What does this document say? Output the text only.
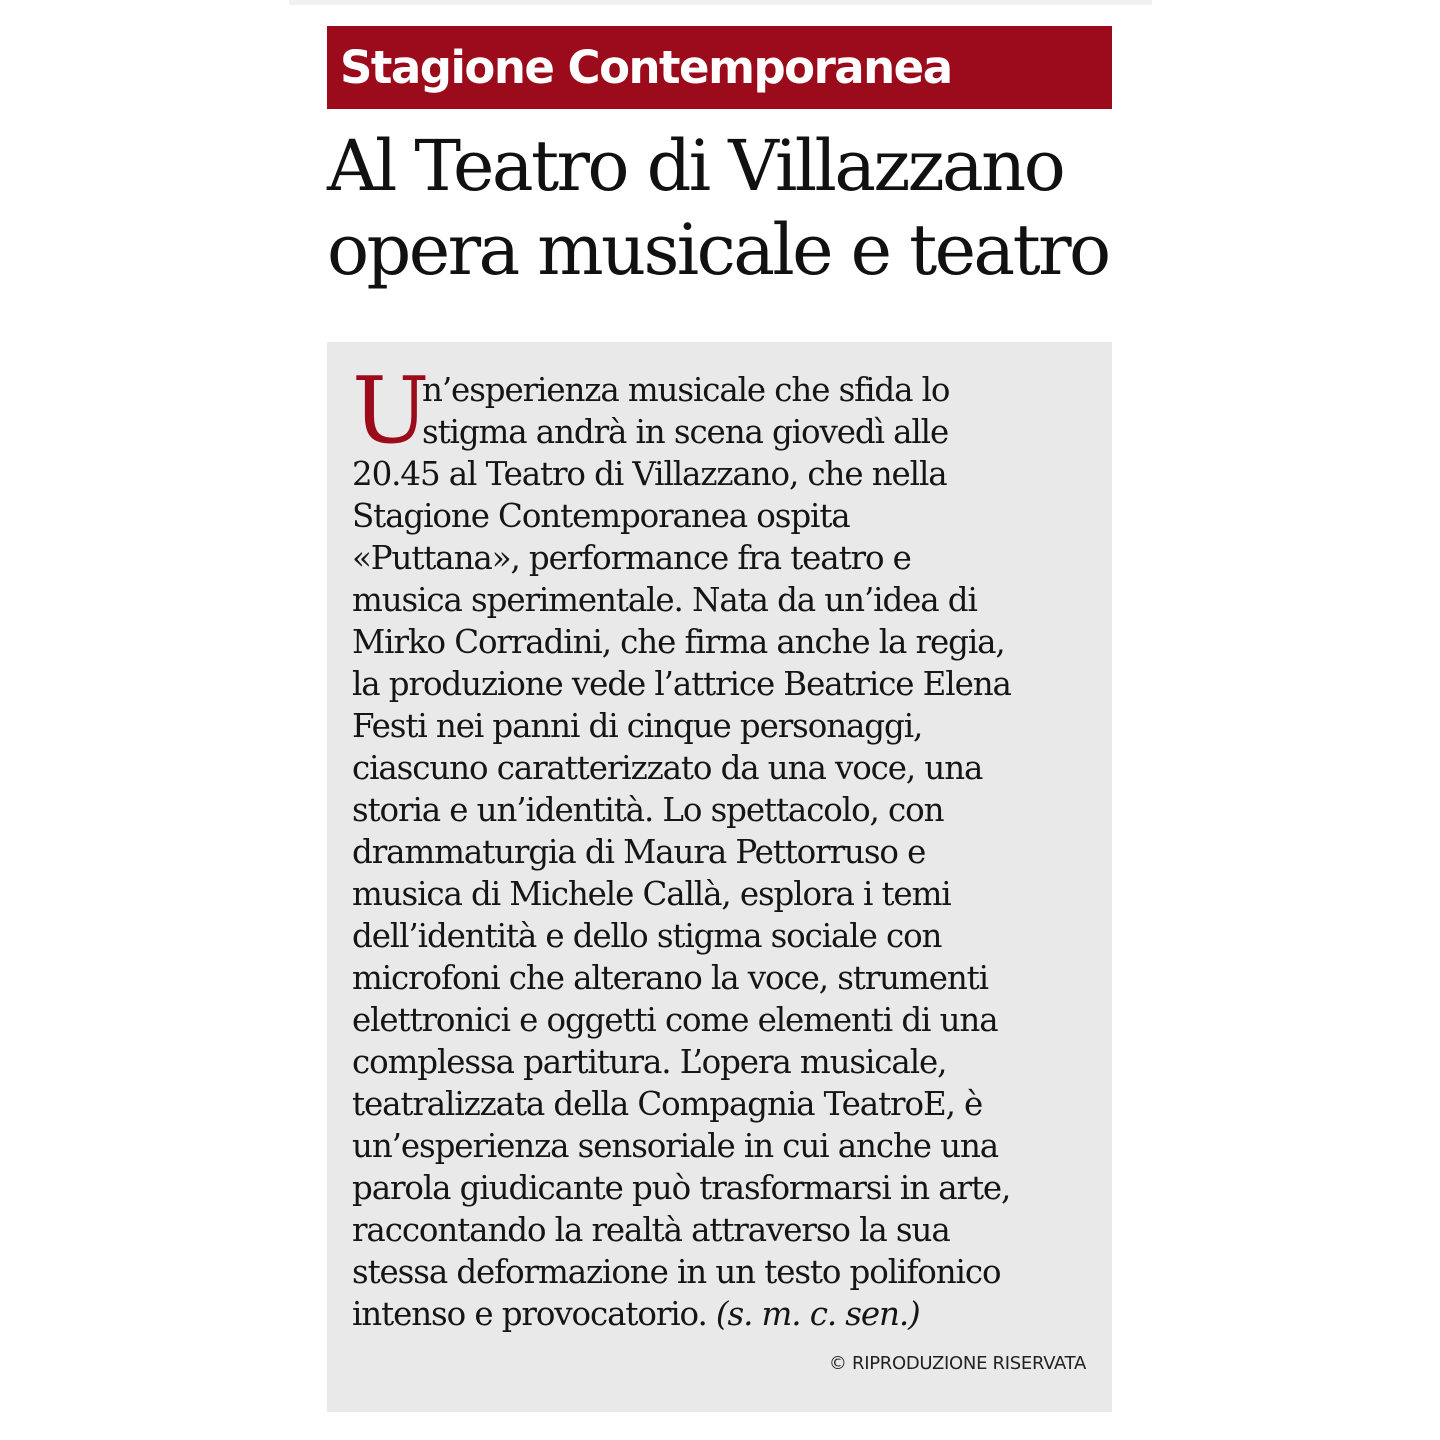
Stagione Contemporanea
Al Teatro di Villazzano
opera musicale e teatro
U
n’esperienza musicale che sfida lo
stigma andrà in scena giovedì alle
20.45 al Teatro di Villazzano, che nella
Stagione Contemporanea ospita
«Puttana», performance fra teatro e
musica sperimentale. Nata da un’idea di
Mirko Corradini, che firma anche la regia,
la produzione vede l’attrice Beatrice Elena
Festi nei panni di cinque personaggi,
ciascuno caratterizzato da una voce, una
storia e un’identità. Lo spettacolo, con
drammaturgia di Maura Pettorruso e
musica di Michele Callà, esplora i temi
dell’identità e dello stigma sociale con
microfoni che alterano la voce, strumenti
elettronici e oggetti come elementi di una
complessa partitura. L’opera musicale,
teatralizzata della Compagnia TeatroE, è
un’esperienza sensoriale in cui anche una
parola giudicante può trasformarsi in arte,
raccontando la realtà attraverso la sua
stessa deformazione in un testo polifonico
intenso e provocatorio. (s. m. c. sen.)
© RIPRODUZIONE RISERVATA
